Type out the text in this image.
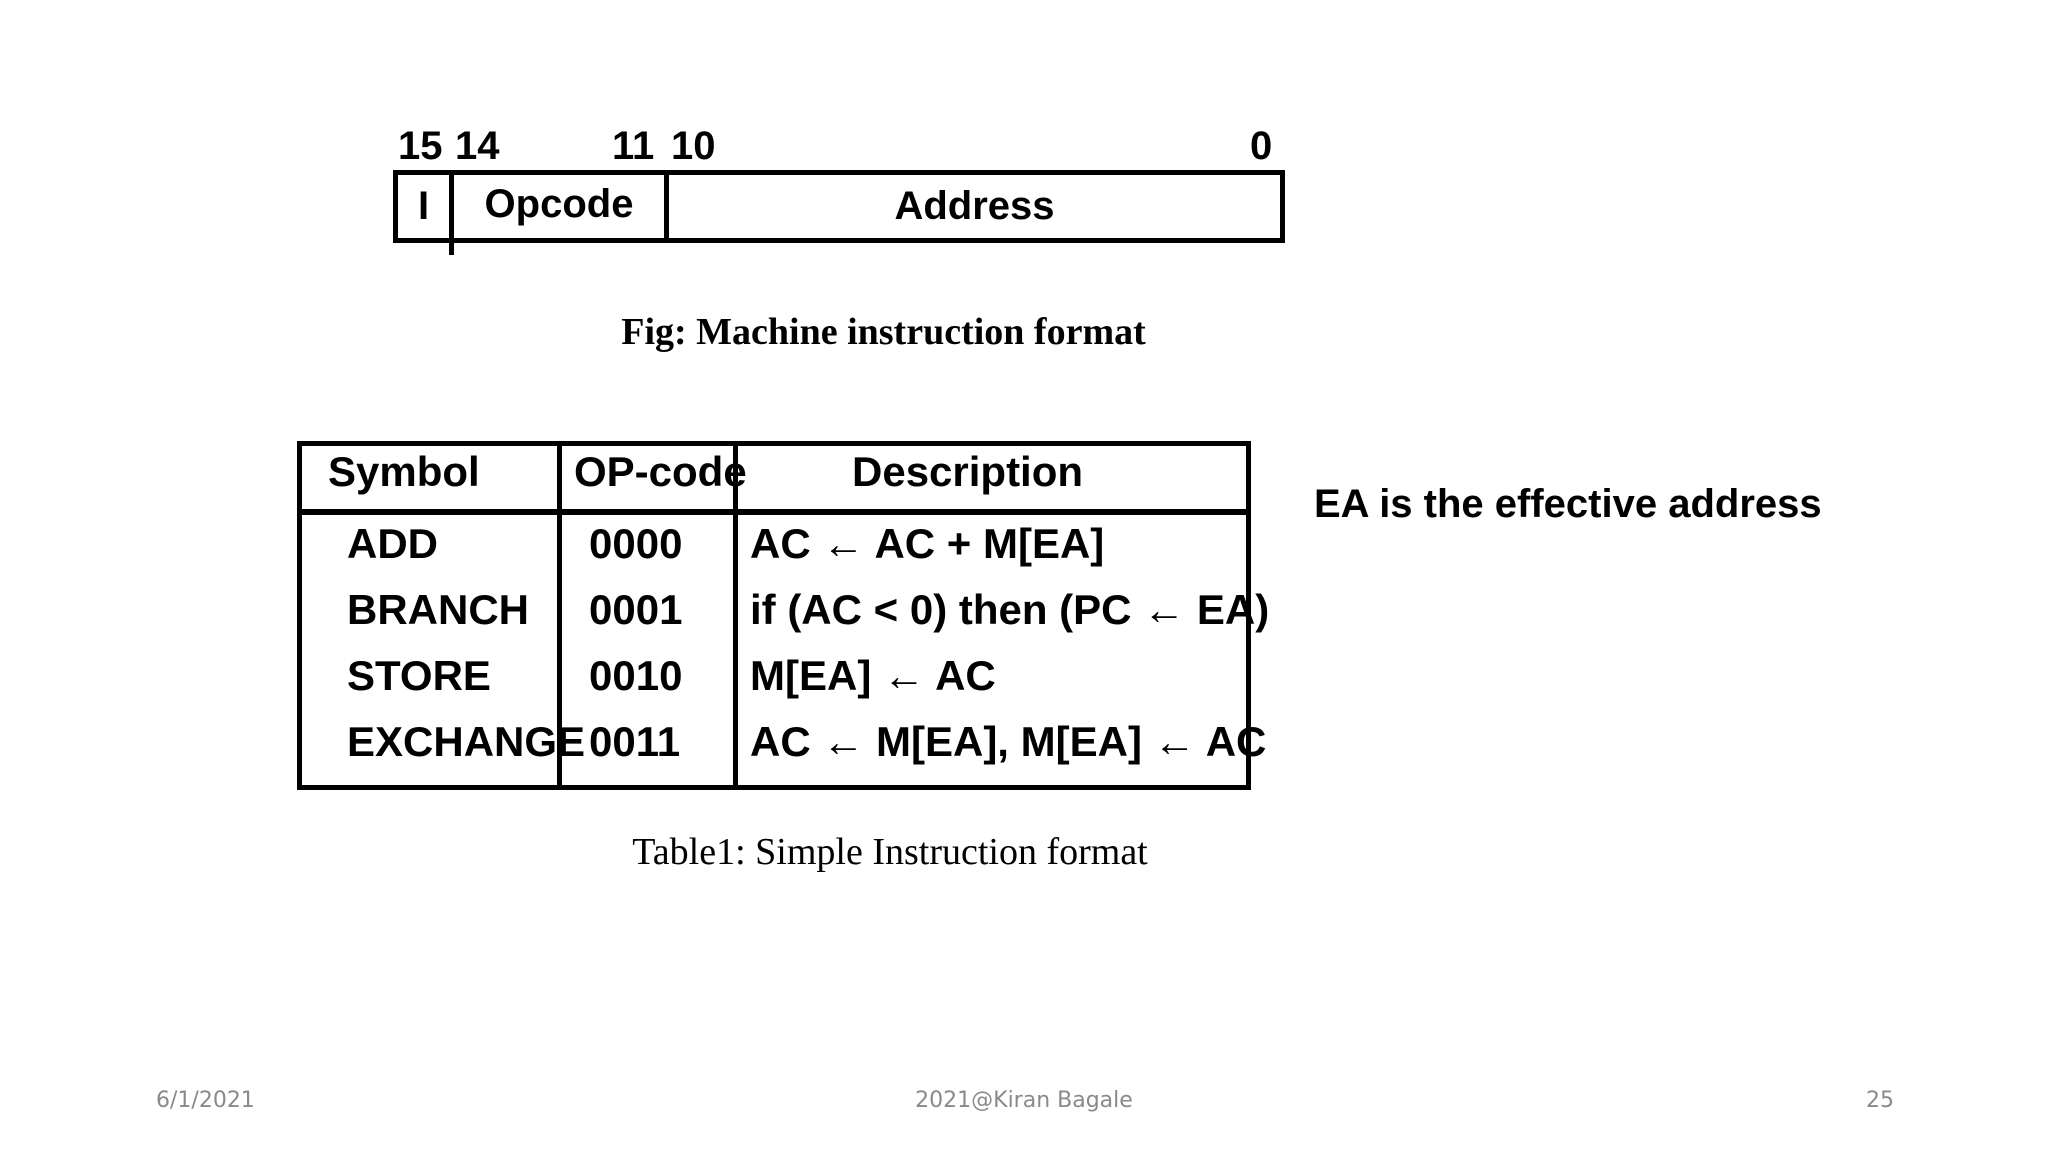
15 14	11 10	0
I	Opcode	Address
Fig: Machine instruction format
Symbol OP-code	Description
ADD	0000 AC ← AC + M[EA]
BRANCH 0001 if (AC < 0) then (PC ← EA)
STORE 0010 M[EA] ← AC
EXCHANGE 0011 AC ← M[EA], M[EA] ← AC
EA is the effective address
Table1: Simple Instruction format
6/1/2021	2021@Kiran Bagale	25
